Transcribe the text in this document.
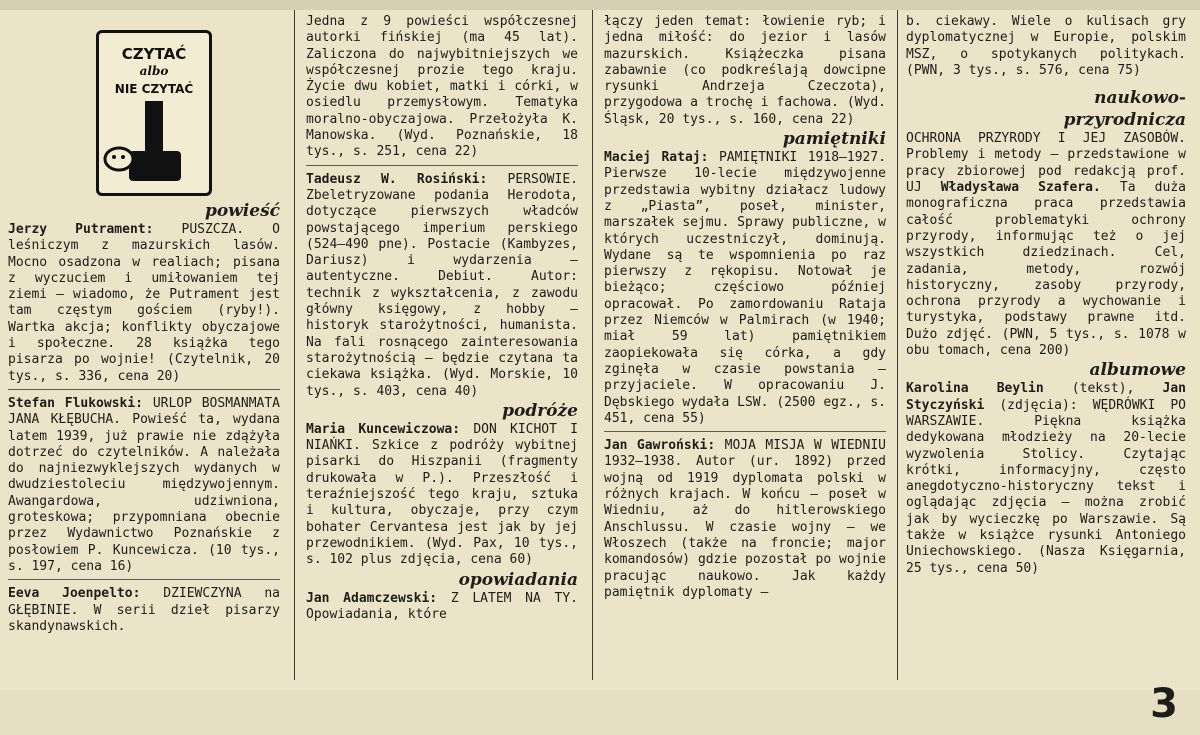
CZYTAĆ
albo
NIE CZYTAĆ

powieść

Jerzy Putrament: PUSZCZA. O leśniczym z mazurskich lasów. Mocno osadzona w realiach; pisana z wyczuciem i umiłowaniem tej ziemi — wiadomo, że Putrament jest tam częstym gościem (ryby!). Wartka akcja; konflikty obyczajowe i społeczne. 28 książka tego pisarza po wojnie! (Czytelnik, 20 tys., s. 336, cena 20)

Stefan Flukowski: URLOP BOSMANMATA JANA KŁĘBUCHA. Powieść ta, wydana latem 1939, już prawie nie zdążyła dotrzeć do czytelników. A należała do najniezwyklejszych wydanych w dwudziestoleciu międzywojennym. Awangardowa, udziwniona, groteskowa; przypomniana obecnie przez Wydawnictwo Poznańskie z posłowiem P. Kuncewicza. (10 tys., s. 197, cena 16)

Eeva Joenpelto: DZIEWCZYNA na GŁĘBINIE. W serii dzieł pisarzy skandynawskich.

Jedna z 9 powieści współczesnej autorki fińskiej (ma 45 lat). Zaliczona do najwybitniejszych we współczesnej prozie tego kraju. Życie dwu kobiet, matki i córki, w osiedlu przemysłowym. Tematyka moralno-obyczajowa. Przełożyła K. Manowska. (Wyd. Poznańskie, 18 tys., s. 251, cena 22)

Tadeusz W. Rosiński: PERSOWIE. Zbeletryzowane podania Herodota, dotyczące pierwszych władców powstającego imperium perskiego (524—490 pne). Postacie (Kambyzes, Dariusz) i wydarzenia — autentyczne. Debiut. Autor: technik z wykształcenia, z zawodu główny księgowy, z hobby — historyk starożytności, humanista. Na fali rosnącego zainteresowania starożytnością — będzie czytana ta ciekawa książka. (Wyd. Morskie, 10 tys., s. 403, cena 40)

podróże

Maria Kuncewiczowa: DON KICHOT I NIAŃKI. Szkice z podróży wybitnej pisarki do Hiszpanii (fragmenty drukowała w P.). Przeszłość i teraźniejszość tego kraju, sztuka i kultura, obyczaje, przy czym bohater Cervantesa jest jak by jej przewodnikiem. (Wyd. Pax, 10 tys., s. 102 plus zdjęcia, cena 60)

opowiadania

Jan Adamczewski: Z LATEM NA TY. Opowiadania, które

łączy jeden temat: łowienie ryb; i jedna miłość: do jezior i lasów mazurskich. Książeczka pisana zabawnie (co podkreślają dowcipne rysunki Andrzeja Czeczota), przygodowa a trochę i fachowa. (Wyd. Śląsk, 20 tys., s. 160, cena 22)

pamiętniki

Maciej Rataj: PAMIĘTNIKI 1918—1927. Pierwsze 10-lecie międzywojenne przedstawia wybitny działacz ludowy z „Piasta”, poseł, minister, marszałek sejmu. Sprawy publiczne, w których uczestniczył, dominują. Wydane są te wspomnienia po raz pierwszy z rękopisu. Notował je bieżąco; częściowo później opracował. Po zamordowaniu Rataja przez Niemców w Palmirach (w 1940; miał 59 lat) pamiętnikiem zaopiekowała się córka, a gdy zginęła w czasie powstania — przyjaciele. W opracowaniu J. Dębskiego wydała LSW. (2500 egz., s. 451, cena 55)

Jan Gawroński: MOJA MISJA W WIEDNIU 1932—1938. Autor (ur. 1892) przed wojną od 1919 dyplomata polski w różnych krajach. W końcu — poseł w Wiedniu, aż do hitlerowskiego Anschlussu. W czasie wojny — we Włoszech (także na froncie; major komandosów) gdzie pozostał po wojnie pracując naukowo. Jak każdy pamiętnik dyplomaty —

b. ciekawy. Wiele o kulisach gry dyplomatycznej w Europie, polskim MSZ, o spotykanych politykach. (PWN, 3 tys., s. 576, cena 75)

naukowo-

przyrodnicza

OCHRONA PRZYRODY I JEJ ZASOBÓW. Problemy i metody — przedstawione w pracy zbiorowej pod redakcją prof. UJ Władysława Szafera. Ta duża monograficzna praca przedstawia całość problematyki ochrony przyrody, informując też o jej wszystkich dziedzinach. Cel, zadania, metody, rozwój historyczny, zasoby przyrody, ochrona przyrody a wychowanie i turystyka, podstawy prawne itd. Dużo zdjęć. (PWN, 5 tys., s. 1078 w obu tomach, cena 200)

albumowe

Karolina Beylin (tekst), Jan Styczyński (zdjęcia): WĘDRÓWKI PO WARSZAWIE. Piękna książka dedykowana młodzieży na 20-lecie wyzwolenia Stolicy. Czytając krótki, informacyjny, często anegdotyczno-historyczny tekst i oglądając zdjęcia — można zrobić jak by wycieczkę po Warszawie. Są także w książce rysunki Antoniego Uniechowskiego. (Nasza Księgarnia, 25 tys., cena 50)

3
